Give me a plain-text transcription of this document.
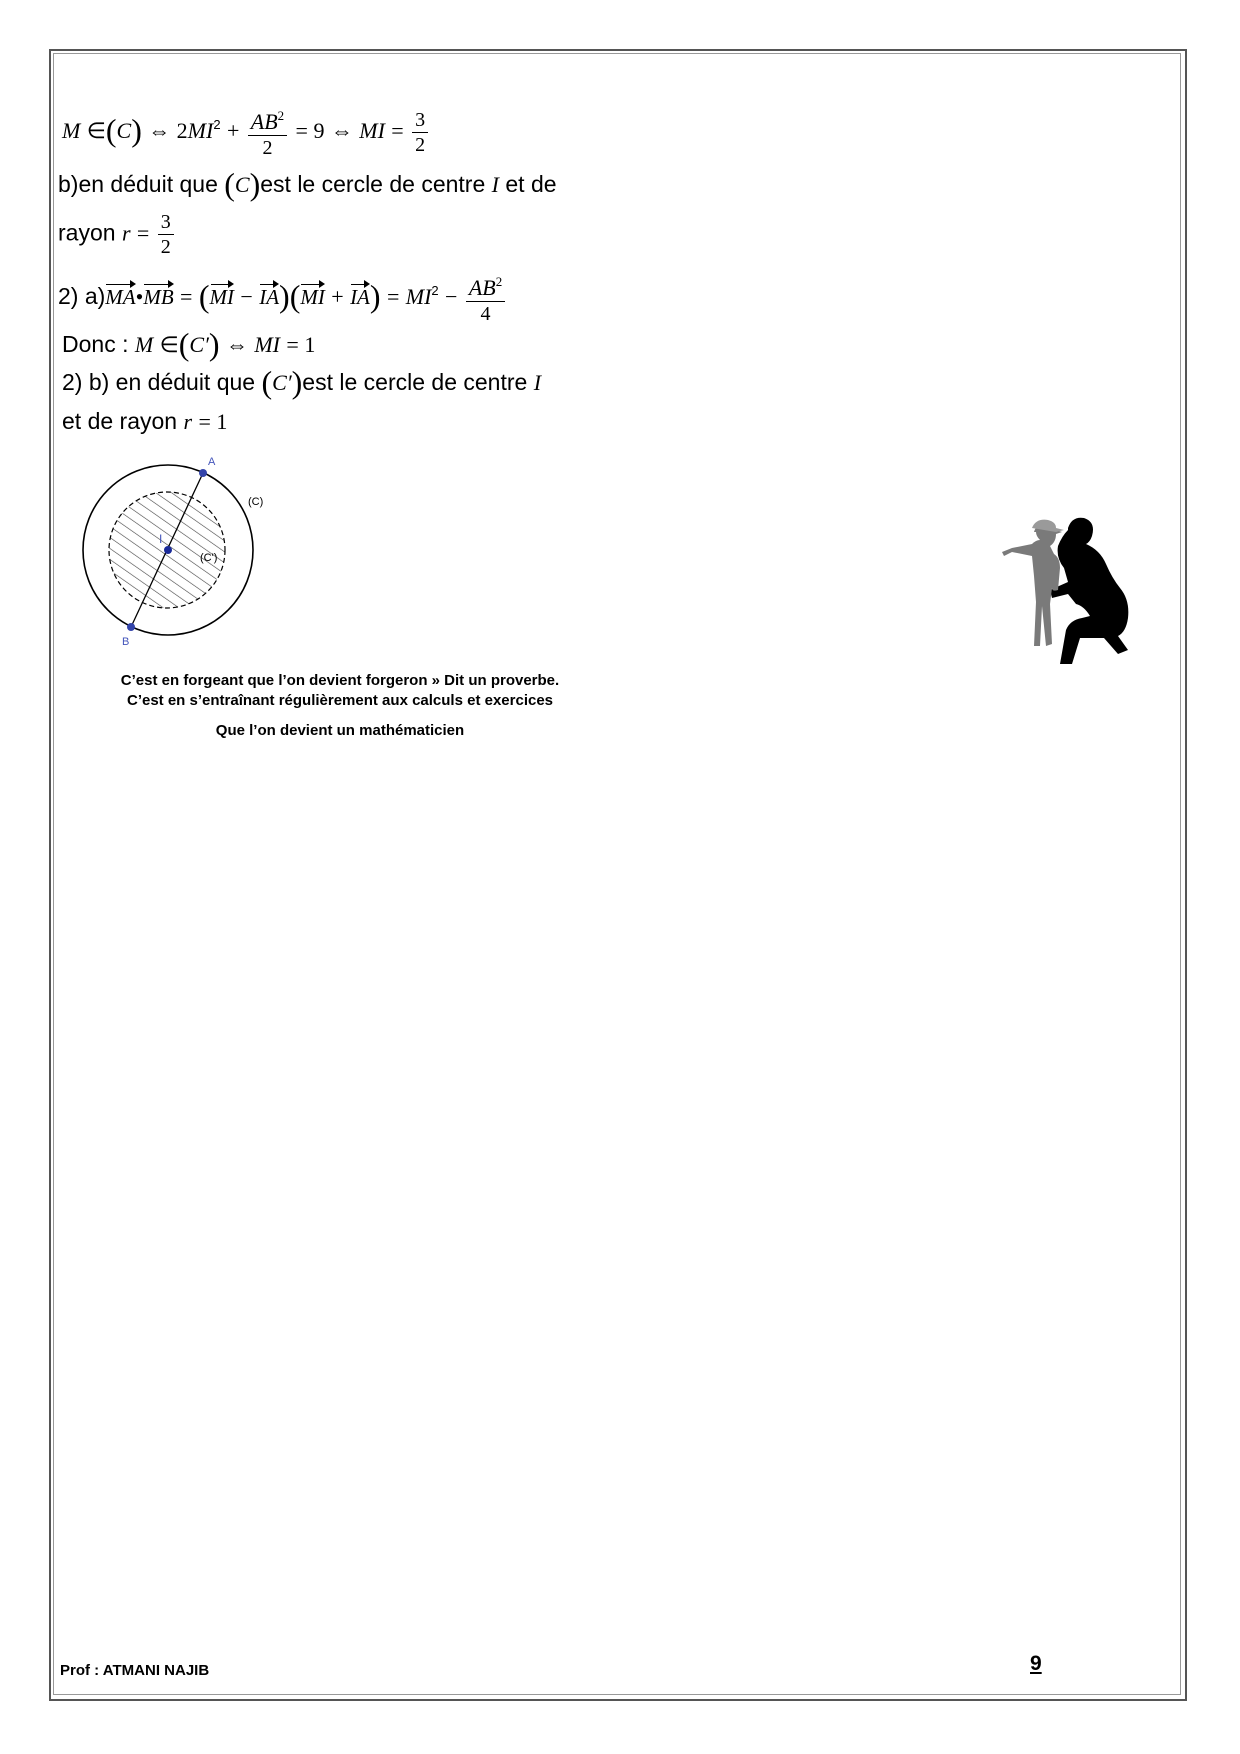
M ∈(C) ⇔ $2MI^2 + \frac{AB^2}{2} = 9$ ⇔ MI = $\frac{3}{2}$
b)en déduit que (C)est le cercle de centre I et de
rayon $r = \frac{3}{2}$
2) a)MA•MB = $(MI - IA)(MI + IA) = MI^2 - \frac{AB^2}{4}$
Donc : M ∈(C′) ⇔ MI = 1
2) b) en déduit que (C′)est le cercle de centre I
et de rayon r = 1
A
B
I
(C)
(C')
C’est en forgeant que l’on devient forgeron » Dit un proverbe.
C’est en s’entraînant régulièrement aux calculs et exercices
Que l’on devient un mathématicien
Prof : ATMANI NAJIB	9
